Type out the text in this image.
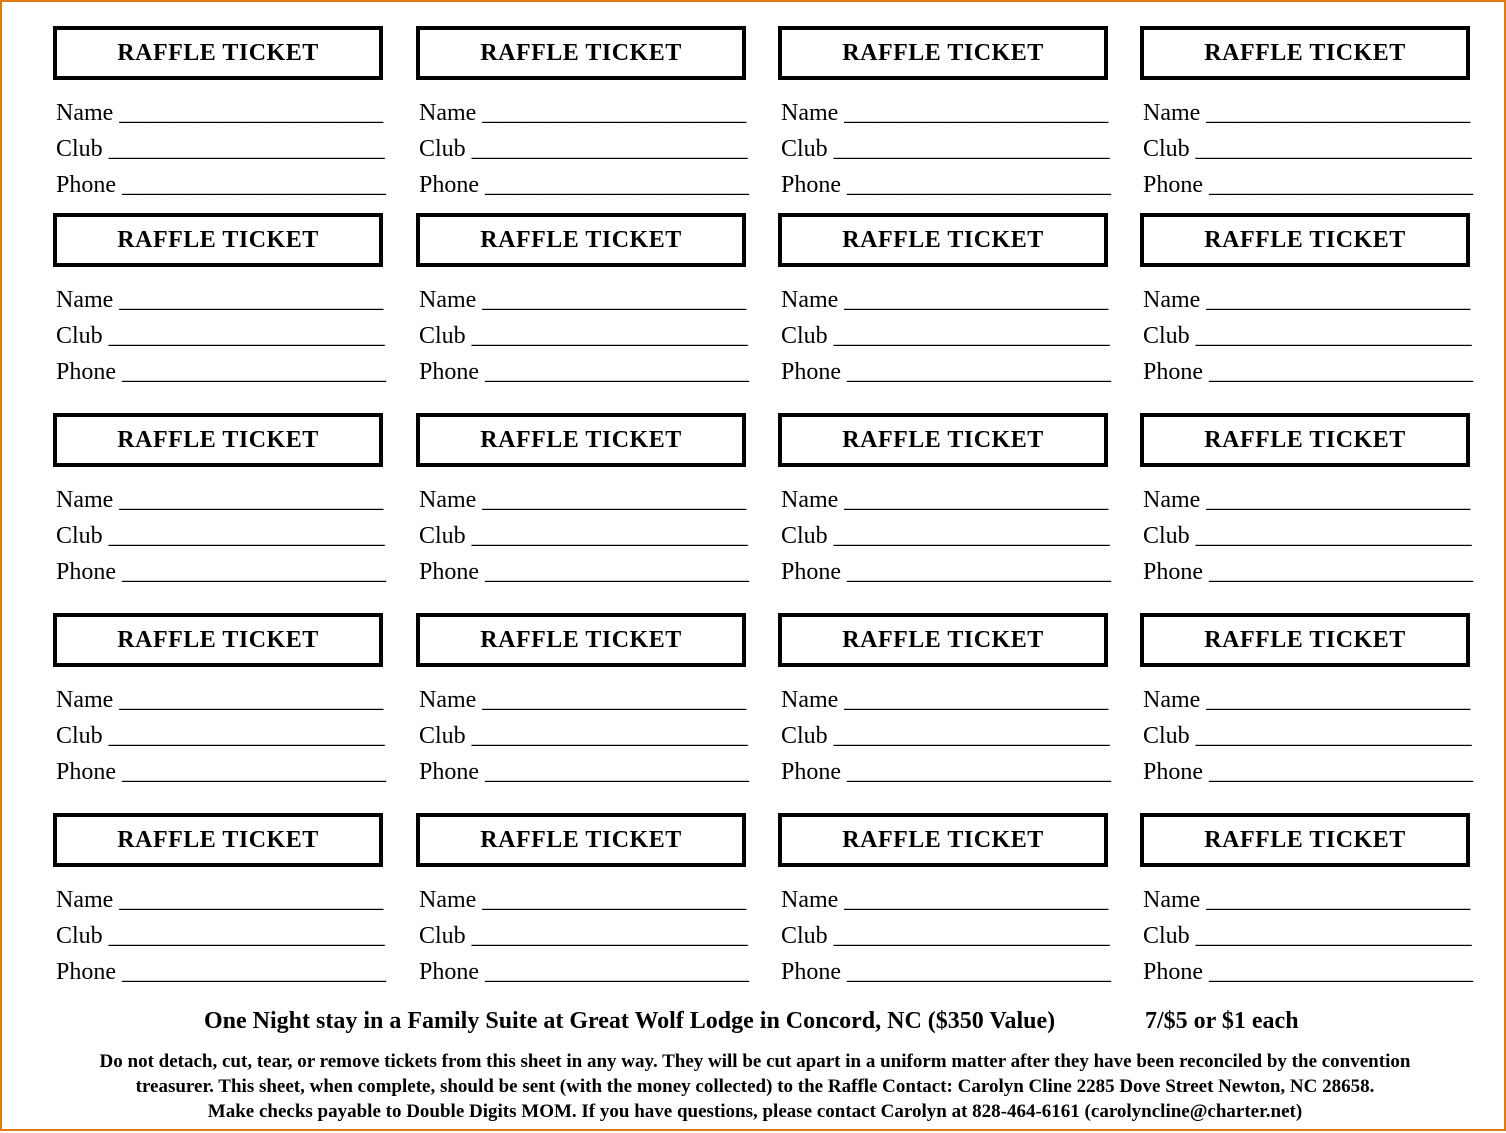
RAFFLE TICKET
Name ______________________
Club _______________________
Phone ______________________
RAFFLE TICKET
Name ______________________
Club _______________________
Phone ______________________
RAFFLE TICKET
Name ______________________
Club _______________________
Phone ______________________
RAFFLE TICKET
Name ______________________
Club _______________________
Phone ______________________
RAFFLE TICKET
Name ______________________
Club _______________________
Phone ______________________
RAFFLE TICKET
Name ______________________
Club _______________________
Phone ______________________
RAFFLE TICKET
Name ______________________
Club _______________________
Phone ______________________
RAFFLE TICKET
Name ______________________
Club _______________________
Phone ______________________
RAFFLE TICKET
Name ______________________
Club _______________________
Phone ______________________
RAFFLE TICKET
Name ______________________
Club _______________________
Phone ______________________
RAFFLE TICKET
Name ______________________
Club _______________________
Phone ______________________
RAFFLE TICKET
Name ______________________
Club _______________________
Phone ______________________
RAFFLE TICKET
Name ______________________
Club _______________________
Phone ______________________
RAFFLE TICKET
Name ______________________
Club _______________________
Phone ______________________
RAFFLE TICKET
Name ______________________
Club _______________________
Phone ______________________
RAFFLE TICKET
Name ______________________
Club _______________________
Phone ______________________
RAFFLE TICKET
Name ______________________
Club _______________________
Phone ______________________
RAFFLE TICKET
Name ______________________
Club _______________________
Phone ______________________
RAFFLE TICKET
Name ______________________
Club _______________________
Phone ______________________
RAFFLE TICKET
Name ______________________
Club _______________________
Phone ______________________
One Night stay in a Family Suite at Great Wolf Lodge in Concord, NC ($350 Value)	7/$5 or $1 each
Do not detach, cut, tear, or remove tickets from this sheet in any way. They will be cut apart in a uniform matter after they have been reconciled by the convention
treasurer. This sheet, when complete, should be sent (with the money collected) to the Raffle Contact: Carolyn Cline 2285 Dove Street Newton, NC 28658.
Make checks payable to Double Digits MOM. If you have questions, please contact Carolyn at 828-464-6161 (carolyncline@charter.net)
